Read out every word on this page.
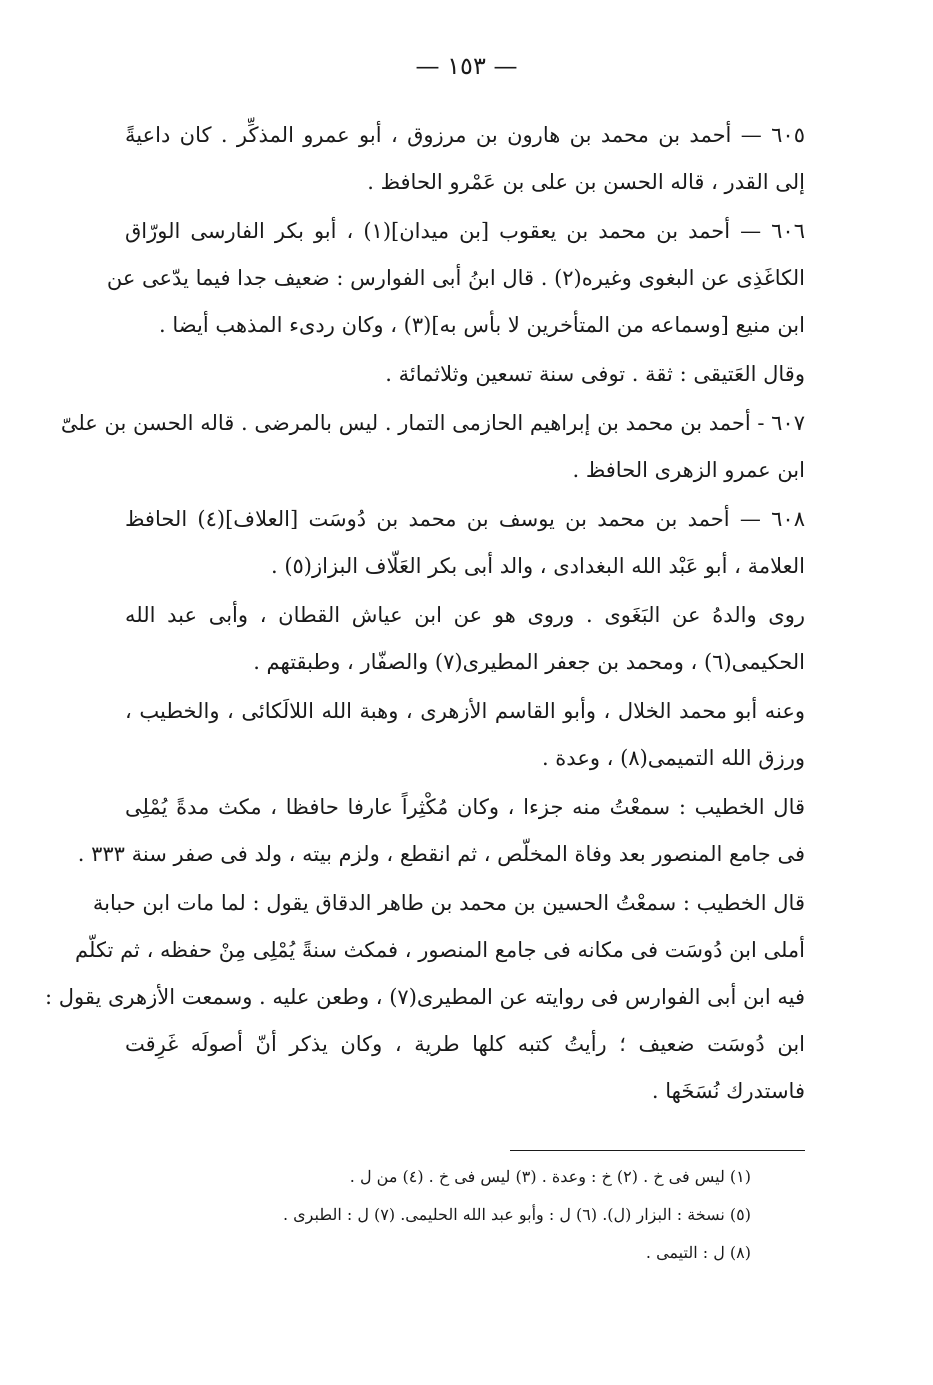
— ١٥٣ —
٦٠٥ — أحمد بن محمد بن هارون بن مرزوق ، أبو عمرو المذكِّر . كان داعيةً
إلى القدر ، قاله الحسن بن على بن عَمْرو الحافظ .
٦٠٦ — أحمد بن محمد بن يعقوب [بن ميدان](١) ، أبو بكر الفارسى الورّاق
الكاغَذِى عن البغوى وغيره(٢) . قال ابنُ أبى الفوارس : ضعيف جدا فيما يدّعى عن
ابن منيع [وسماعه من المتأخرين لا بأس به](٣) ، وكان ردىء المذهب أيضا .
وقال العَتيقى : ثقة . توفى سنة تسعين وثلاثمائة .
٦٠٧ - أحمد بن محمد بن إبراهيم الحازمى التمار . ليس بالمرضى . قاله الحسن بن علىّ
ابن عمرو الزهرى الحافظ .
٦٠٨ — أحمد بن محمد بن يوسف بن محمد بن دُوسَت [العلاف](٤) الحافظ
العلامة ، أبو عَبْد الله البغدادى ، والد أبى بكر العَلّاف البزاز(٥) .
روى والدهُ عن البَغَوى . وروى هو عن ابن عياش القطان ، وأبى عبد الله
الحكيمى(٦) ، ومحمد بن جعفر المطيرى(٧) والصفّار ، وطبقتهم .
وعنه أبو محمد الخلال ، وأبو القاسم الأزهرى ، وهبة الله اللالَكائى ، والخطيب ،
ورزق الله التميمى(٨) ، وعدة .
قال الخطيب : سمعْتُ منه جزءا ، وكان مُكْثِراً عارفا حافظا ، مكث مدةً يُمْلِى
فى جامع المنصور بعد وفاة المخلّص ، ثم انقطع ، ولزم بيته ، ولد فى صفر سنة ٣٣٣ .
قال الخطيب : سمعْتُ الحسين بن محمد بن طاهر الدقاق يقول : لما مات ابن حبابة
أملى ابن دُوسَت فى مكانه فى جامع المنصور ، فمكث سنةً يُمْلِى مِنْ حفظه ، ثم تكلّم
فيه ابن أبى الفوارس فى روايته عن المطيرى(٧) ، وطعن عليه . وسمعت الأزهرى يقول :
ابن دُوسَت ضعيف ؛ رأيتُ كتبه كلها طرية ، وكان يذكر أنّ أصولَه غَرِقت
فاستدرك نُسَخَها .
(١) ليس فى خ . (٢) خ : وعدة . (٣) ليس فى خ . (٤) من ل .
(٥) نسخة : البزار (ل). (٦) ل : وأبو عبد الله الحليمى. (٧) ل : الطبرى .
(٨) ل : التيمى .
